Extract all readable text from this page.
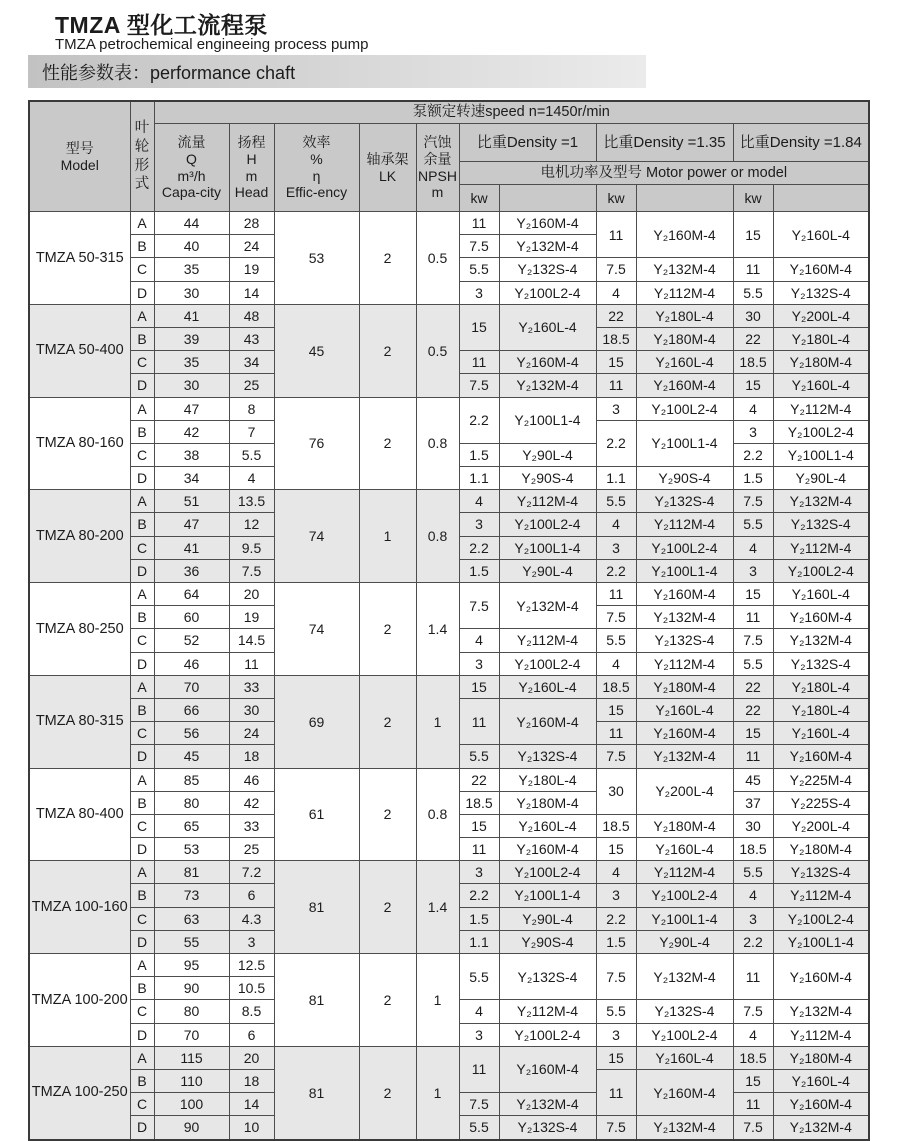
TMZA 型化工流程泵
TMZA petrochemical engineeing process pump
性能参数表：performance chaft
型号
Model

叶
轮
形
式
	泵额定转速speed n=1450r/min

流量
Q
m³/h
Capa-city

扬程
H
m
Head

效率
%
η
Effic-ency

轴承架
LK

汽蚀
余量
NPSH
m
	比重Density =1	比重Density =1.35	比重Density =1.84
							电机功率及型号 Motor power or model					
							kw		kw		kw	
TMZA 50-315	A	44	28	53	2	0.5	11	Y₂160M-4	11	Y₂160M-4	15	Y₂160L-4
	B	40	24				7.5	Y₂132M-4				
	C	35	19				5.5	Y₂132S-4	7.5	Y₂132M-4	11	Y₂160M-4
	D	30	14				3	Y₂100L2-4	4	Y₂112M-4	5.5	Y₂132S-4
TMZA 50-400	A	41	48	45	2	0.5	15	Y₂160L-4	22	Y₂180L-4	30	Y₂200L-4
	B	39	43						18.5	Y₂180M-4	22	Y₂180L-4
	C	35	34				11	Y₂160M-4	15	Y₂160L-4	18.5	Y₂180M-4
	D	30	25				7.5	Y₂132M-4	11	Y₂160M-4	15	Y₂160L-4
TMZA 80-160	A	47	8	76	2	0.8	2.2	Y₂100L1-4	3	Y₂100L2-4	4	Y₂112M-4
	B	42	7						2.2	Y₂100L1-4	3	Y₂100L2-4
	C	38	5.5				1.5	Y₂90L-4			2.2	Y₂100L1-4
	D	34	4				1.1	Y₂90S-4	1.1	Y₂90S-4	1.5	Y₂90L-4
TMZA 80-200	A	51	13.5	74	1	0.8	4	Y₂112M-4	5.5	Y₂132S-4	7.5	Y₂132M-4
	B	47	12				3	Y₂100L2-4	4	Y₂112M-4	5.5	Y₂132S-4
	C	41	9.5				2.2	Y₂100L1-4	3	Y₂100L2-4	4	Y₂112M-4
	D	36	7.5				1.5	Y₂90L-4	2.2	Y₂100L1-4	3	Y₂100L2-4
TMZA 80-250	A	64	20	74	2	1.4	7.5	Y₂132M-4	11	Y₂160M-4	15	Y₂160L-4
	B	60	19						7.5	Y₂132M-4	11	Y₂160M-4
	C	52	14.5				4	Y₂112M-4	5.5	Y₂132S-4	7.5	Y₂132M-4
	D	46	11				3	Y₂100L2-4	4	Y₂112M-4	5.5	Y₂132S-4
TMZA 80-315	A	70	33	69	2	1	15	Y₂160L-4	18.5	Y₂180M-4	22	Y₂180L-4
	B	66	30				11	Y₂160M-4	15	Y₂160L-4	22	Y₂180L-4
	C	56	24						11	Y₂160M-4	15	Y₂160L-4
	D	45	18				5.5	Y₂132S-4	7.5	Y₂132M-4	11	Y₂160M-4
TMZA 80-400	A	85	46	61	2	0.8	22	Y₂180L-4	30	Y₂200L-4	45	Y₂225M-4
	B	80	42				18.5	Y₂180M-4			37	Y₂225S-4
	C	65	33				15	Y₂160L-4	18.5	Y₂180M-4	30	Y₂200L-4
	D	53	25				11	Y₂160M-4	15	Y₂160L-4	18.5	Y₂180M-4
TMZA 100-160	A	81	7.2	81	2	1.4	3	Y₂100L2-4	4	Y₂112M-4	5.5	Y₂132S-4
	B	73	6				2.2	Y₂100L1-4	3	Y₂100L2-4	4	Y₂112M-4
	C	63	4.3				1.5	Y₂90L-4	2.2	Y₂100L1-4	3	Y₂100L2-4
	D	55	3				1.1	Y₂90S-4	1.5	Y₂90L-4	2.2	Y₂100L1-4
TMZA 100-200	A	95	12.5	81	2	1	5.5	Y₂132S-4	7.5	Y₂132M-4	11	Y₂160M-4
	B	90	10.5									
	C	80	8.5				4	Y₂112M-4	5.5	Y₂132S-4	7.5	Y₂132M-4
	D	70	6				3	Y₂100L2-4	3	Y₂100L2-4	4	Y₂112M-4
TMZA 100-250	A	115	20	81	2	1	11	Y₂160M-4	15	Y₂160L-4	18.5	Y₂180M-4
	B	110	18						11	Y₂160M-4	15	Y₂160L-4
	C	100	14				7.5	Y₂132M-4			11	Y₂160M-4
	D	90	10				5.5	Y₂132S-4	7.5	Y₂132M-4	7.5	Y₂132M-4
